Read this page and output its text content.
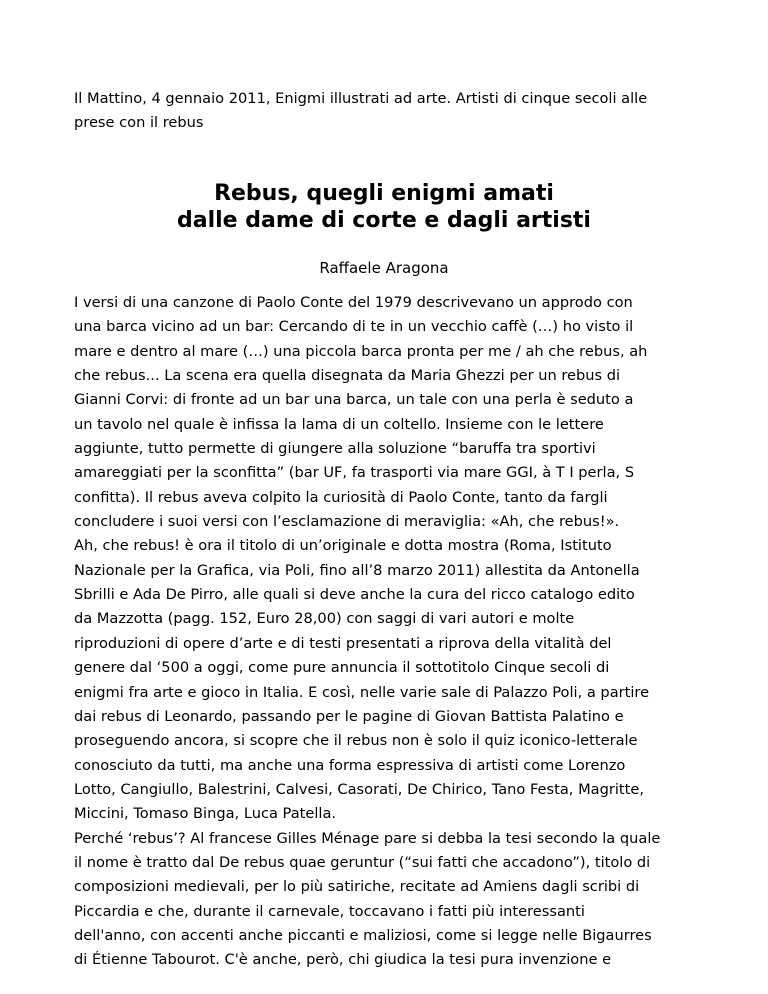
Il Mattino, 4 gennaio 2011, Enigmi illustrati ad arte. Artisti di cinque secoli alle
prese con il rebus
Rebus, quegli enigmi amati
dalle dame di corte e dagli artisti

Raffaele Aragona

I versi di una canzone di Paolo Conte del 1979 descrivevano un approdo con
una barca vicino ad un bar: Cercando di te in un vecchio caffè (…) ho visto il
mare e dentro al mare (…) una piccola barca pronta per me / ah che rebus, ah
che rebus... La scena era quella disegnata da Maria Ghezzi per un rebus di
Gianni Corvi: di fronte ad un bar una barca, un tale con una perla è seduto a
un tavolo nel quale è infissa la lama di un coltello. Insieme con le lettere
aggiunte, tutto permette di giungere alla soluzione “baruffa tra sportivi
amareggiati per la sconfitta” (bar UF, fa trasporti via mare GGI, à T I perla, S
confitta). Il rebus aveva colpito la curiosità di Paolo Conte, tanto da fargli
concludere i suoi versi con l’esclamazione di meraviglia: «Ah, che rebus!».
Ah, che rebus! è ora il titolo di un’originale e dotta mostra (Roma, Istituto
Nazionale per la Grafica, via Poli, fino all’8 marzo 2011) allestita da Antonella
Sbrilli e Ada De Pirro, alle quali si deve anche la cura del ricco catalogo edito
da Mazzotta (pagg. 152, Euro 28,00) con saggi di vari autori e molte
riproduzioni di opere d’arte e di testi presentati a riprova della vitalità del
genere dal ‘500 a oggi, come pure annuncia il sottotitolo Cinque secoli di
enigmi fra arte e gioco in Italia. E così, nelle varie sale di Palazzo Poli, a partire
dai rebus di Leonardo, passando per le pagine di Giovan Battista Palatino e
proseguendo ancora, si scopre che il rebus non è solo il quiz iconico-letterale
conosciuto da tutti, ma anche una forma espressiva di artisti come Lorenzo
Lotto, Cangiullo, Balestrini, Calvesi, Casorati, De Chirico, Tano Festa, Magritte,
Miccini, Tomaso Binga, Luca Patella.
Perché ‘rebus’? Al francese Gilles Ménage pare si debba la tesi secondo la quale
il nome è tratto dal De rebus quae geruntur (“sui fatti che accadono”), titolo di
composizioni medievali, per lo più satiriche, recitate ad Amiens dagli scribi di
Piccardia e che, durante il carnevale, toccavano i fatti più interessanti
dell'anno, con accenti anche piccanti e maliziosi, come si legge nelle Bigaurres
di Étienne Tabourot. C'è anche, però, chi giudica la tesi pura invenzione e
